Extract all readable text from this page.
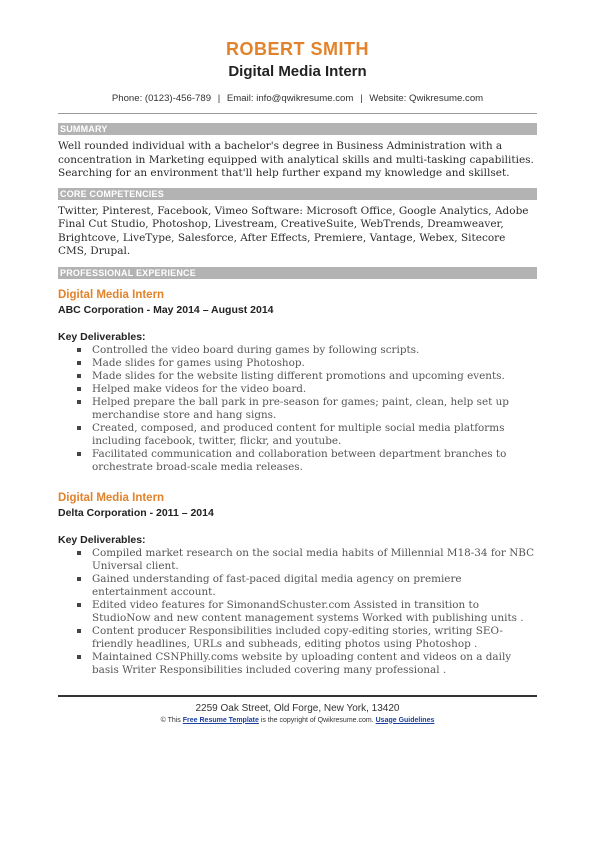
ROBERT SMITH
Digital Media Intern
Phone: (0123)-456-789 | Email: info@qwikresume.com | Website: Qwikresume.com
SUMMARY

Well rounded individual with a bachelor's degree in Business Administration with a concentration in Marketing equipped with analytical skills and multi-tasking capabilities. Searching for an environment that'll help further expand my knowledge and skillset.

CORE COMPETENCIES

Twitter, Pinterest, Facebook, Vimeo Software: Microsoft Office, Google Analytics, Adobe Final Cut Studio, Photoshop, Livestream, CreativeSuite, WebTrends, Dreamweaver, Brightcove, LiveType, Salesforce, After Effects, Premiere, Vantage, Webex, Sitecore CMS, Drupal.

PROFESSIONAL EXPERIENCE
Digital Media Intern
ABC Corporation - May 2014 – August 2014
Key Deliverables:
Controlled the video board during games by following scripts.
Made slides for games using Photoshop.
Made slides for the website listing different promotions and upcoming events.
Helped make videos for the video board.
Helped prepare the ball park in pre-season for games; paint, clean, help set up merchandise store and hang signs.
Created, composed, and produced content for multiple social media platforms including facebook, twitter, flickr, and youtube.
Facilitated communication and collaboration between department branches to orchestrate broad-scale media releases.
Digital Media Intern
Delta Corporation - 2011 – 2014
Key Deliverables:
Compiled market research on the social media habits of Millennial M18-34 for NBC Universal client.
Gained understanding of fast-paced digital media agency on premiere entertainment account.
Edited video features for SimonandSchuster.com Assisted in transition to StudioNow and new content management systems Worked with publishing units .
Content producer Responsibilities included copy-editing stories, writing SEO-friendly headlines, URLs and subheads, editing photos using Photoshop .
Maintained CSNPhilly.coms website by uploading content and videos on a daily basis Writer Responsibilities included covering many professional .
2259 Oak Street, Old Forge, New York, 13420
© This Free Resume Template is the copyright of Qwikresume.com. Usage Guidelines
